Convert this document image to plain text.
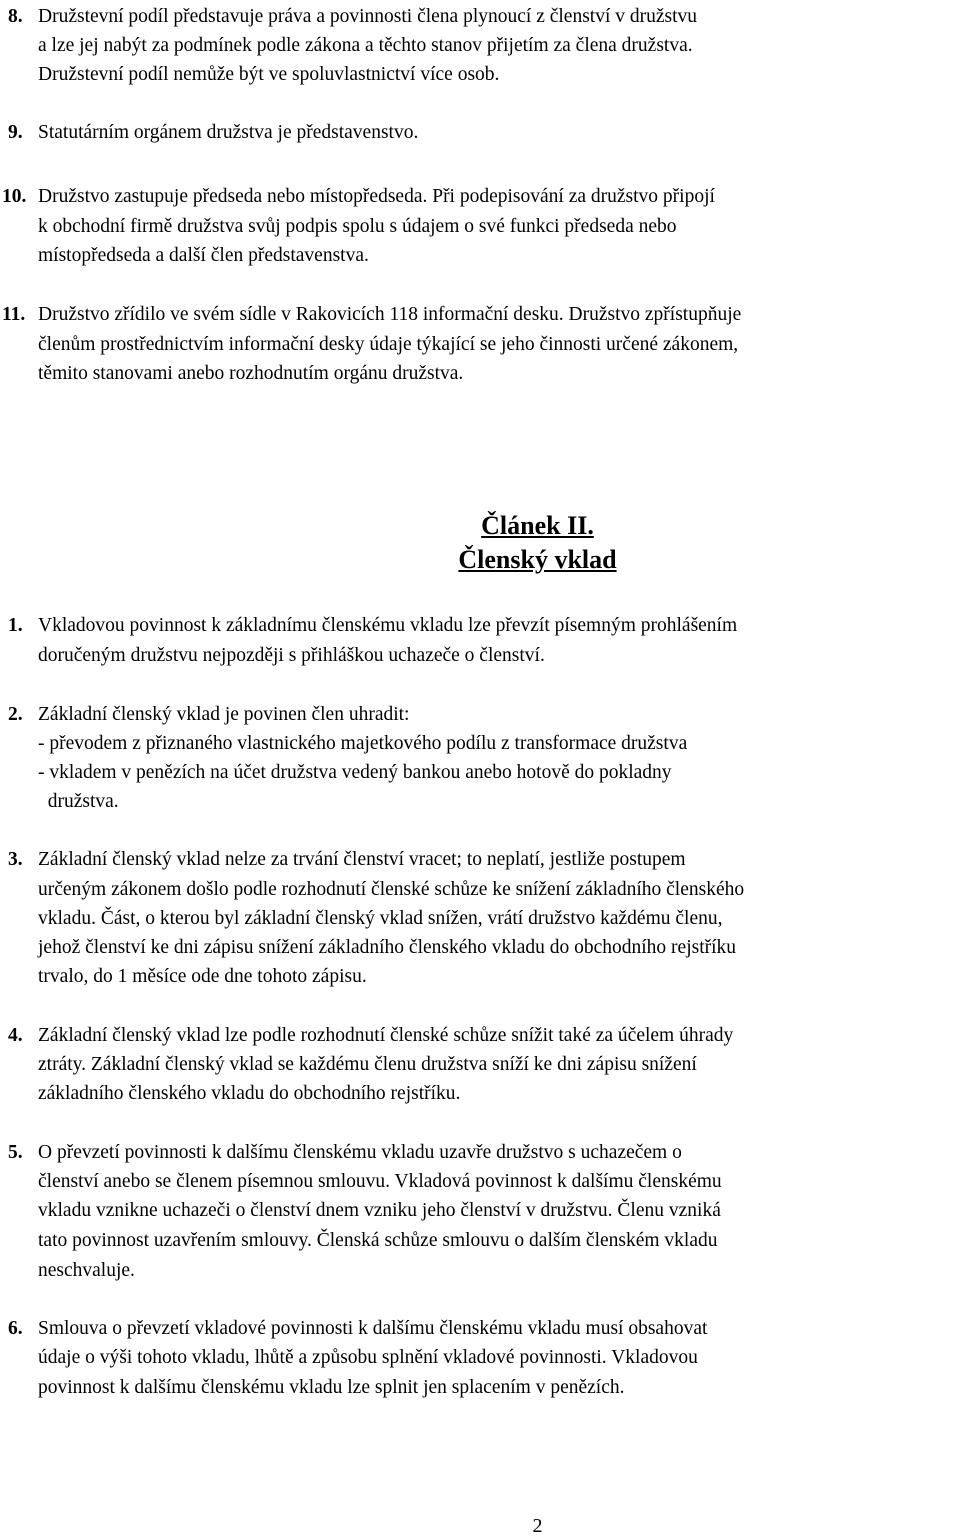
8. Družstevní podíl představuje práva a povinnosti člena plynoucí z členství v družstvu

a lze jej nabýt za podmínek podle zákona a těchto stanov přijetím za člena družstva.

Družstevní podíl nemůže být ve spoluvlastnictví více osob.

9. Statutárním orgánem družstva je představenstvo.

10. Družstvo zastupuje předseda nebo místopředseda. Při podepisování za družstvo připojí

k obchodní firmě družstva svůj podpis spolu s údajem o své funkci předseda nebo

místopředseda a další člen představenstva.

11. Družstvo zřídilo ve svém sídle v Rakovicích 118 informační desku. Družstvo zpřístupňuje

členům prostřednictvím informační desky údaje týkající se jeho činnosti určené zákonem,

těmito stanovami anebo rozhodnutím orgánu družstva.

Článek II.
Členský vklad

1. Vkladovou povinnost k základnímu členskému vkladu lze převzít písemným prohlášením

doručeným družstvu nejpozději s přihláškou uchazeče o členství.

2. Základní členský vklad je povinen člen uhradit:

- převodem z přiznaného vlastnického majetkového podílu z transformace družstva

- vkladem v penězích na účet družstva vedený bankou anebo hotově do pokladny

družstva.

3. Základní členský vklad nelze za trvání členství vracet; to neplatí, jestliže postupem

určeným zákonem došlo podle rozhodnutí členské schůze ke snížení základního členského

vkladu. Část, o kterou byl základní členský vklad snížen, vrátí družstvo každému členu,

jehož členství ke dni zápisu snížení základního členského vkladu do obchodního rejstříku

trvalo, do 1 měsíce ode dne tohoto zápisu.

4. Základní členský vklad lze podle rozhodnutí členské schůze snížit také za účelem úhrady

ztráty. Základní členský vklad se každému členu družstva sníží ke dni zápisu snížení

základního členského vkladu do obchodního rejstříku.

5. O převzetí povinnosti k dalšímu členskému vkladu uzavře družstvo s uchazečem o

členství anebo se členem písemnou smlouvu. Vkladová povinnost k dalšímu členskému

vkladu vznikne uchazeči o členství dnem vzniku jeho členství v družstvu. Členu vzniká

tato povinnost uzavřením smlouvy. Členská schůze smlouvu o dalším členském vkladu

neschvaluje.

6. Smlouva o převzetí vkladové povinnosti k dalšímu členskému vkladu musí obsahovat

údaje o výši tohoto vkladu, lhůtě a způsobu splnění vkladové povinnosti. Vkladovou

povinnost k dalšímu členskému vkladu lze splnit jen splacením v penězích.

2
